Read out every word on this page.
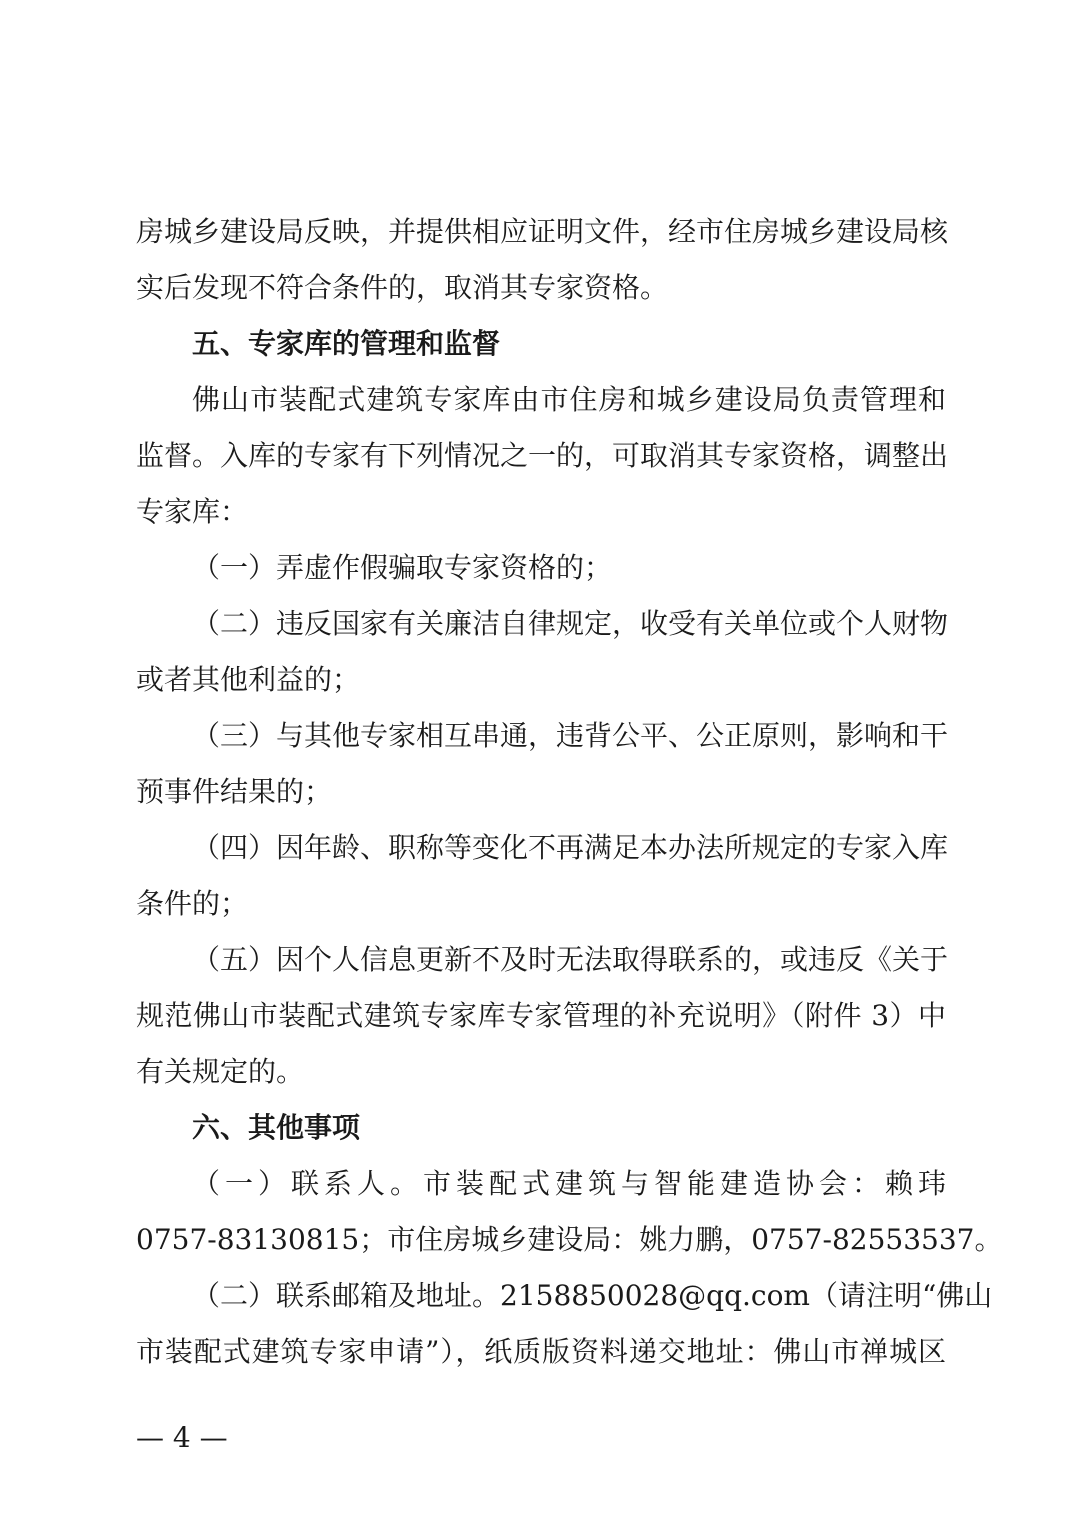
房城乡建设局反映，并提供相应证明文件，经市住房城乡建设局核
实后发现不符合条件的，取消其专家资格。
五、专家库的管理和监督
佛山市装配式建筑专家库由市住房和城乡建设局负责管理和
监督。入库的专家有下列情况之一的，可取消其专家资格，调整出
专家库：
（一）弄虚作假骗取专家资格的；
（二）违反国家有关廉洁自律规定，收受有关单位或个人财物
或者其他利益的；
（三）与其他专家相互串通，违背公平、公正原则，影响和干
预事件结果的；
（四）因年龄、职称等变化不再满足本办法所规定的专家入库
条件的；
（五）因个人信息更新不及时无法取得联系的，或违反《关于
规范佛山市装配式建筑专家库专家管理的补充说明》（附件 3）中
有关规定的。
六、其他事项
（一）联系人。市装配式建筑与智能建造协会：赖玮
0757-83130815；市住房城乡建设局：姚力鹏，0757-82553537。
（二）联系邮箱及地址。2158850028@qq.com（请注明“佛山
市装配式建筑专家申请”），纸质版资料递交地址：佛山市禅城区
— 4 —
